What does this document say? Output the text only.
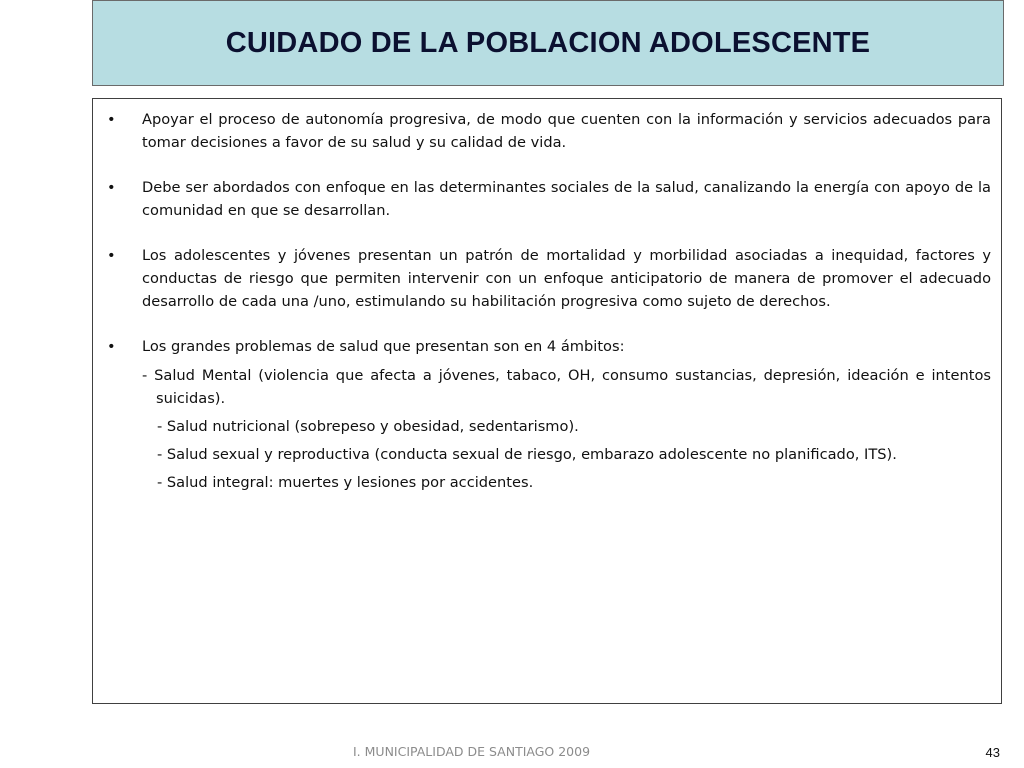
CUIDADO DE LA POBLACION ADOLESCENTE
•	Apoyar el proceso de autonomía progresiva, de modo que cuenten con la información y servicios adecuados para tomar decisiones a favor de su salud y su calidad de vida.
•	Debe ser abordados con enfoque en las determinantes sociales de la salud, canalizando la energía con apoyo de la comunidad en que se desarrollan.
•	Los adolescentes y jóvenes presentan un patrón de mortalidad y morbilidad asociadas a inequidad, factores y conductas de riesgo que permiten intervenir con un enfoque anticipatorio de manera de promover el adecuado desarrollo de cada una /uno, estimulando su habilitación progresiva como sujeto de derechos.
•	Los grandes problemas de salud que presentan son en 4 ámbitos:
- Salud Mental (violencia que afecta a jóvenes, tabaco, OH, consumo sustancias, depresión, ideación e intentos suicidas).
- Salud nutricional (sobrepeso y obesidad, sedentarismo).
- Salud sexual y reproductiva (conducta sexual de riesgo, embarazo adolescente no planificado, ITS).
- Salud integral: muertes y lesiones por accidentes.
I. MUNICIPALIDAD DE SANTIAGO 2009	43
